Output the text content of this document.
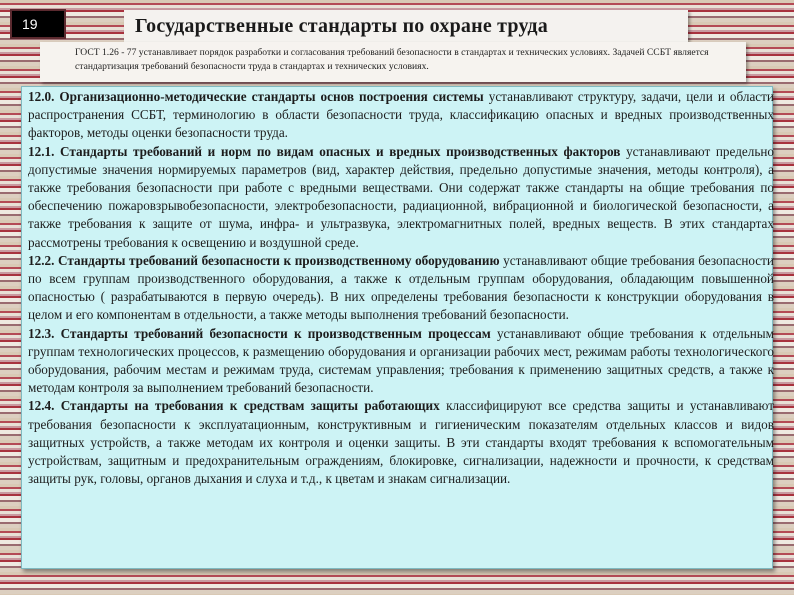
19	Государственные стандарты по охране труда

ГОСТ 1.26 - 77 устанавливает порядок разработки и согласования требований безопасности в стандартах и технических условиях. Задачей ССБТ является стандартизация требований безопасности труда в стандартах и технических условиях.

12.0. Организационно-методические стандарты основ построения системы устанавливают структуру, задачи, цели и области распространения ССБТ, терминологию в области безопасности труда, классификацию опасных и вредных производственных факторов, методы оценки безопасности труда.

12.1. Стандарты требований и норм по видам опасных и вредных производственных факторов устанавливают предельно допустимые значения нормируемых параметров (вид, характер действия, предельно допустимые значения, методы контроля), а также требования безопасности при работе с вредными веществами. Они содержат также стандарты на общие требования по обеспечению пожаровзрывобезопасности, электробезопасности, радиационной, вибрационной и биологической безопасности, а также требования к защите от шума, инфра- и ультразвука, электромагнитных полей, вредных веществ. В этих стандартах рассмотрены требования к освещению и воздушной среде.

12.2. Стандарты требований безопасности к производственному оборудованию устанавливают общие требования безопасности по всем группам производственного оборудования, а также к отдельным группам оборудования, обладающим повышенной опасностью ( разрабатываются в первую очередь). В них определены требования безопасности к конструкции оборудования в целом и его компонентам в отдельности, а также методы выполнения требований безопасности.

12.3. Стандарты требований безопасности к производственным процессам устанавливают общие требования к отдельным группам технологических процессов, к размещению оборудования и организации рабочих мест, режимам работы технологического оборудования, рабочим местам и режимам труда, системам управления; требования к применению защитных средств, а также к методам контроля за выполнением требований безопасности.

12.4. Стандарты на требования к средствам защиты работающих классифицируют все средства защиты и устанавливают требования безопасности к эксплуатационным, конструктивным и гигиеническим показателям отдельных классов и видов защитных устройств, а также методам их контроля и оценки защиты. В эти стандарты входят требования к вспомогательным устройствам, защитным и предохранительным ограждениям, блокировке, сигнализации, надежности и прочности, к средствам защиты рук, головы, органов дыхания и слуха и т.д., к цветам и знакам сигнализации.
